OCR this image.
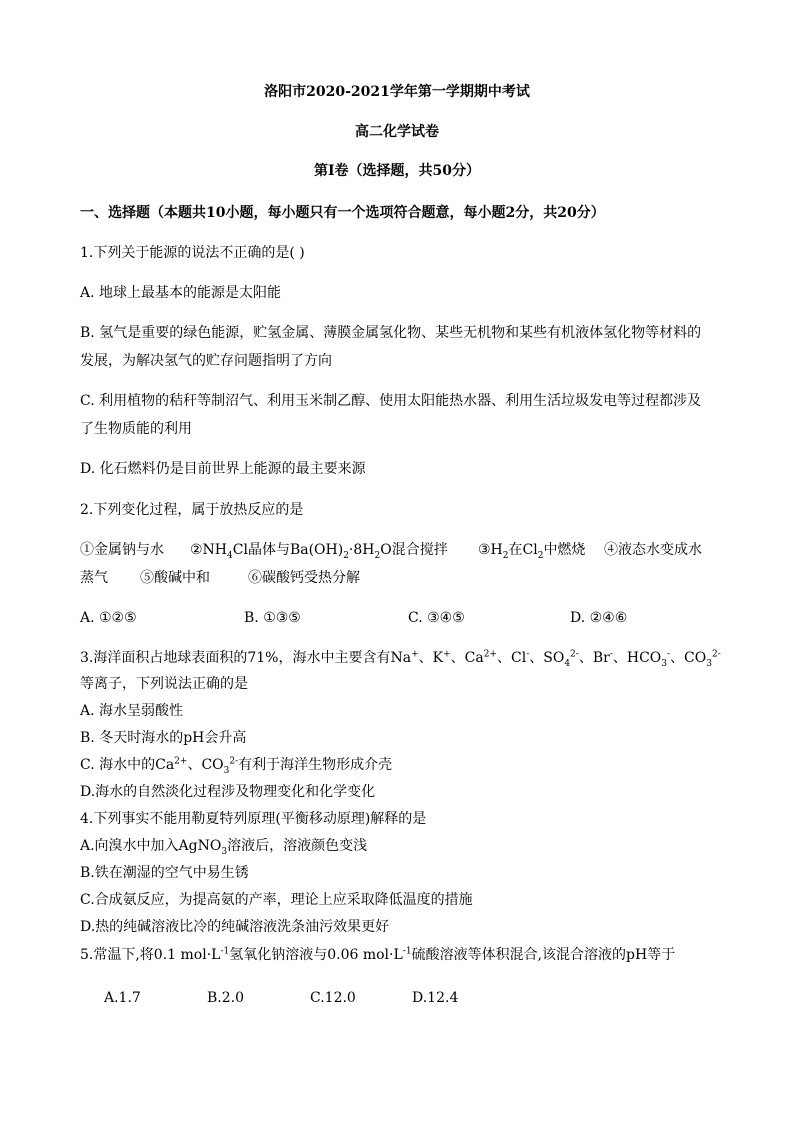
洛阳市2020-2021学年第一学期期中考试
高二化学试卷
第Ⅰ卷（选择题，共50分）
一、选择题（本题共10小题，每小题只有一个选项符合题意，每小题2分，共20分）
1.下列关于能源的说法不正确的是( )
A. 地球上最基本的能源是太阳能
B. 氢气是重要的绿色能源，贮氢金属、薄膜金属氢化物、某些无机物和某些有机液体氢化物等材料的
发展，为解决氢气的贮存问题指明了方向
C. 利用植物的秸秆等制沼气、利用玉米制乙醇、使用太阳能热水器、利用生活垃圾发电等过程都涉及
了生物质能的利用
D. 化石燃料仍是目前世界上能源的最主要来源
2.下列变化过程，属于放热反应的是
①金属钠与水 $②NH_4Cl$晶体与$Ba(OH)_2\cdot 8H_2O$混合搅拌 $③H_2$在$Cl_2$中燃烧 ④液态水变成水
蒸气 ⑤酸碱中和	⑥碳酸钙受热分解
A. ①②⑤	B. ①③⑤	C. ③④⑤	D. ②④⑥
3.海洋面积占地球表面积的71%，海水中主要含有Na+、K+、$Ca^{2+}$、Cl-、$SO_4^{2-}$、Br-、$HCO_3^-$、$CO_3^{2-}$
等离子，下列说法正确的是
A. 海水呈弱酸性
B. 冬天时海水的pH会升高
C. 海水中的$Ca^{2+}$、$CO_3^{2-}$有利于海洋生物形成介壳
D.海水的自然淡化过程涉及物理变化和化学变化
4.下列事实不能用勒夏特列原理(平衡移动原理)解释的是
A.向溴水中加入AgNO$_3$溶液后，溶液颜色变浅
B.铁在潮湿的空气中易生锈
C.合成氨反应，为提高氨的产率，理论上应采取降低温度的措施
D.热的纯碱溶液比冷的纯碱溶液洗条油污效果更好
5.常温下,将0.1 $mol\cdot L^{-1}$氢氧化钠溶液与0.06 $mol\cdot L^{-1}$硫酸溶液等体积混合,该混合溶液的pH等于
A.1.7	B.2.0	C.12.0	D.12.4
